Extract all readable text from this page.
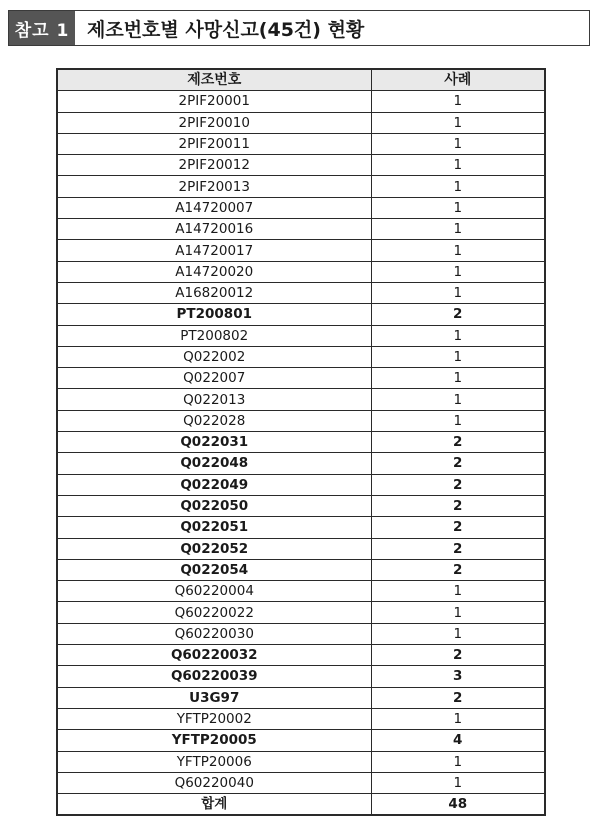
참고 1 제조번호별 사망신고(45건) 현황
제조번호	사례
2PIF20001	1
2PIF20010	1
2PIF20011	1
2PIF20012	1
2PIF20013	1
A14720007	1
A14720016	1
A14720017	1
A14720020	1
A16820012	1
PT200801	2
PT200802	1
Q022002	1
Q022007	1
Q022013	1
Q022028	1
Q022031	2
Q022048	2
Q022049	2
Q022050	2
Q022051	2
Q022052	2
Q022054	2
Q60220004	1
Q60220022	1
Q60220030	1
Q60220032	2
Q60220039	3
U3G97	2
YFTP20002	1
YFTP20005	4
YFTP20006	1
Q60220040	1
합계	48
